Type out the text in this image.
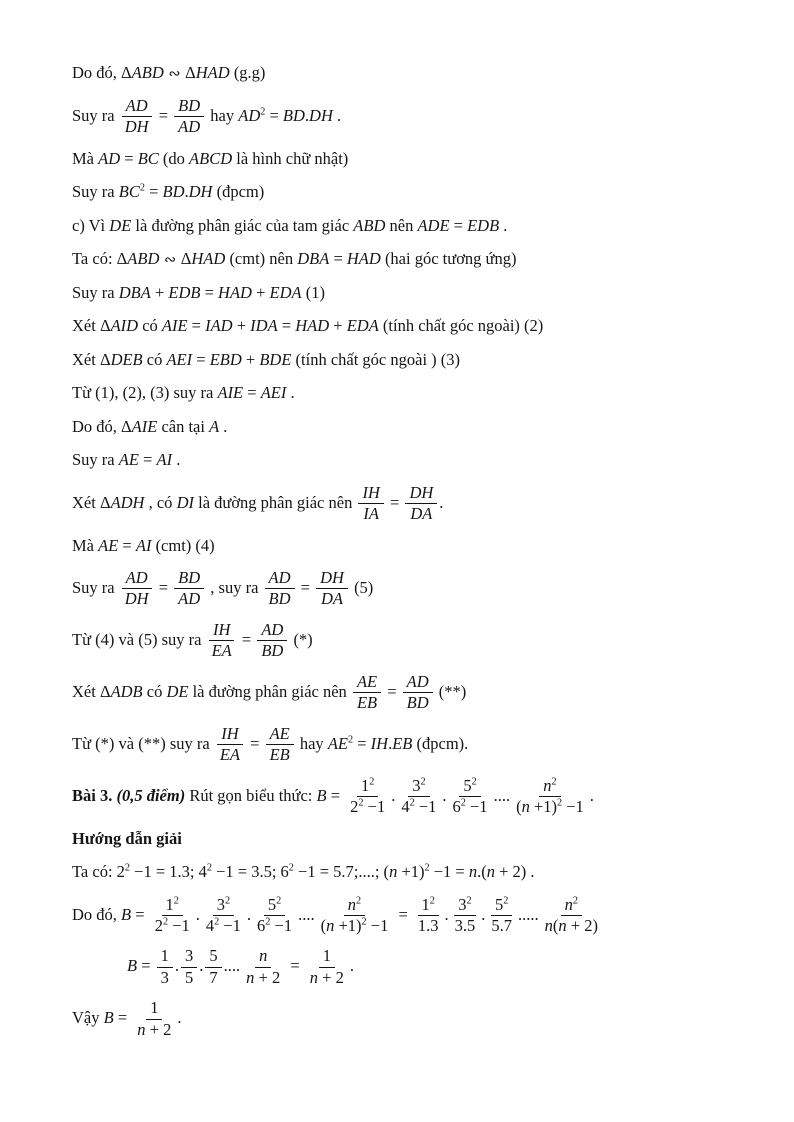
Do đó, ΔABD ∾ ΔHAD (g.g)
Suy ra $\frac{AD}{DH} = \frac{BD}{AD}$ hay $AD^2 = BD.DH$ .
Mà AD = BC (do ABCD là hình chữ nhật)
Suy ra $BC^2 = BD.DH$ (đpcm)
c) Vì DE là đường phân giác của tam giác ABD nên ADE = EDB .
Ta có: ΔABD ∾ ΔHAD (cmt) nên DBA = HAD (hai góc tương ứng)
Suy ra DBA + EDB = HAD + EDA (1)
Xét ΔAID có AIE = IAD + IDA = HAD + EDA (tính chất góc ngoài) (2)
Xét ΔDEB có AEI = EBD + BDE (tính chất góc ngoài ) (3)
Từ (1), (2), (3) suy ra AIE = AEI .
Do đó, ΔAIE cân tại A .
Suy ra AE = AI .
Xét ΔADH , có DI là đường phân giác nên $\frac{IH}{IA} = \frac{DH}{DA}$ .
Mà AE = AI (cmt) (4)
Suy ra $\frac{AD}{DH} = \frac{BD}{AD}$ , suy ra $\frac{AD}{BD} = \frac{DH}{DA} (5)$
Từ (4) và (5) suy ra $\frac{IH}{EA} = \frac{AD}{BD}$ (*)
Xét ΔADB có DE là đường phân giác nên $\frac{AE}{EB} = \frac{AD}{BD}$ (**)
Từ (*) và (**) suy ra $\frac{IH}{EA} = \frac{AE}{EB}$ hay $AE^2 = IH.EB$ (đpcm).
Bài 3. (0,5 điểm) Rút gọn biểu thức: $B = \frac{1^2}{2^2 -1}$ . $\frac{3^2}{4^2 -1}$ . $\frac{5^2}{6^2 -1}$ .... $\frac{n^2}{(n +1)^2 -1}$ .
Hướng dẫn giải
Ta có: $2^2 -1 = 1.3$; $4^2 -1 = 3.5$; $6^2 -1 = 5.7$;....; $(n +1)^2 -1 = n.(n + 2)$ .
Do đó, $B = \frac{1^2}{2^2 -1}$ . $\frac{3^2}{4^2 -1}$ . $\frac{5^2}{6^2 -1}$ .... $\frac{n^2}{(n +1)^2 -1} = \frac{1^2}{1.3}$ . $\frac{3^2}{3.5}$ . $\frac{5^2}{5.7}$ ..... $\frac{n^2}{n(n + 2)}$
$B = \frac{1}{3}$ . $\frac{3}{5}$ . $\frac{5}{7}$ .... $\frac{n}{n + 2} = \frac{1}{n + 2}$ .
Vậy $B = \frac{1}{n + 2}$ .
